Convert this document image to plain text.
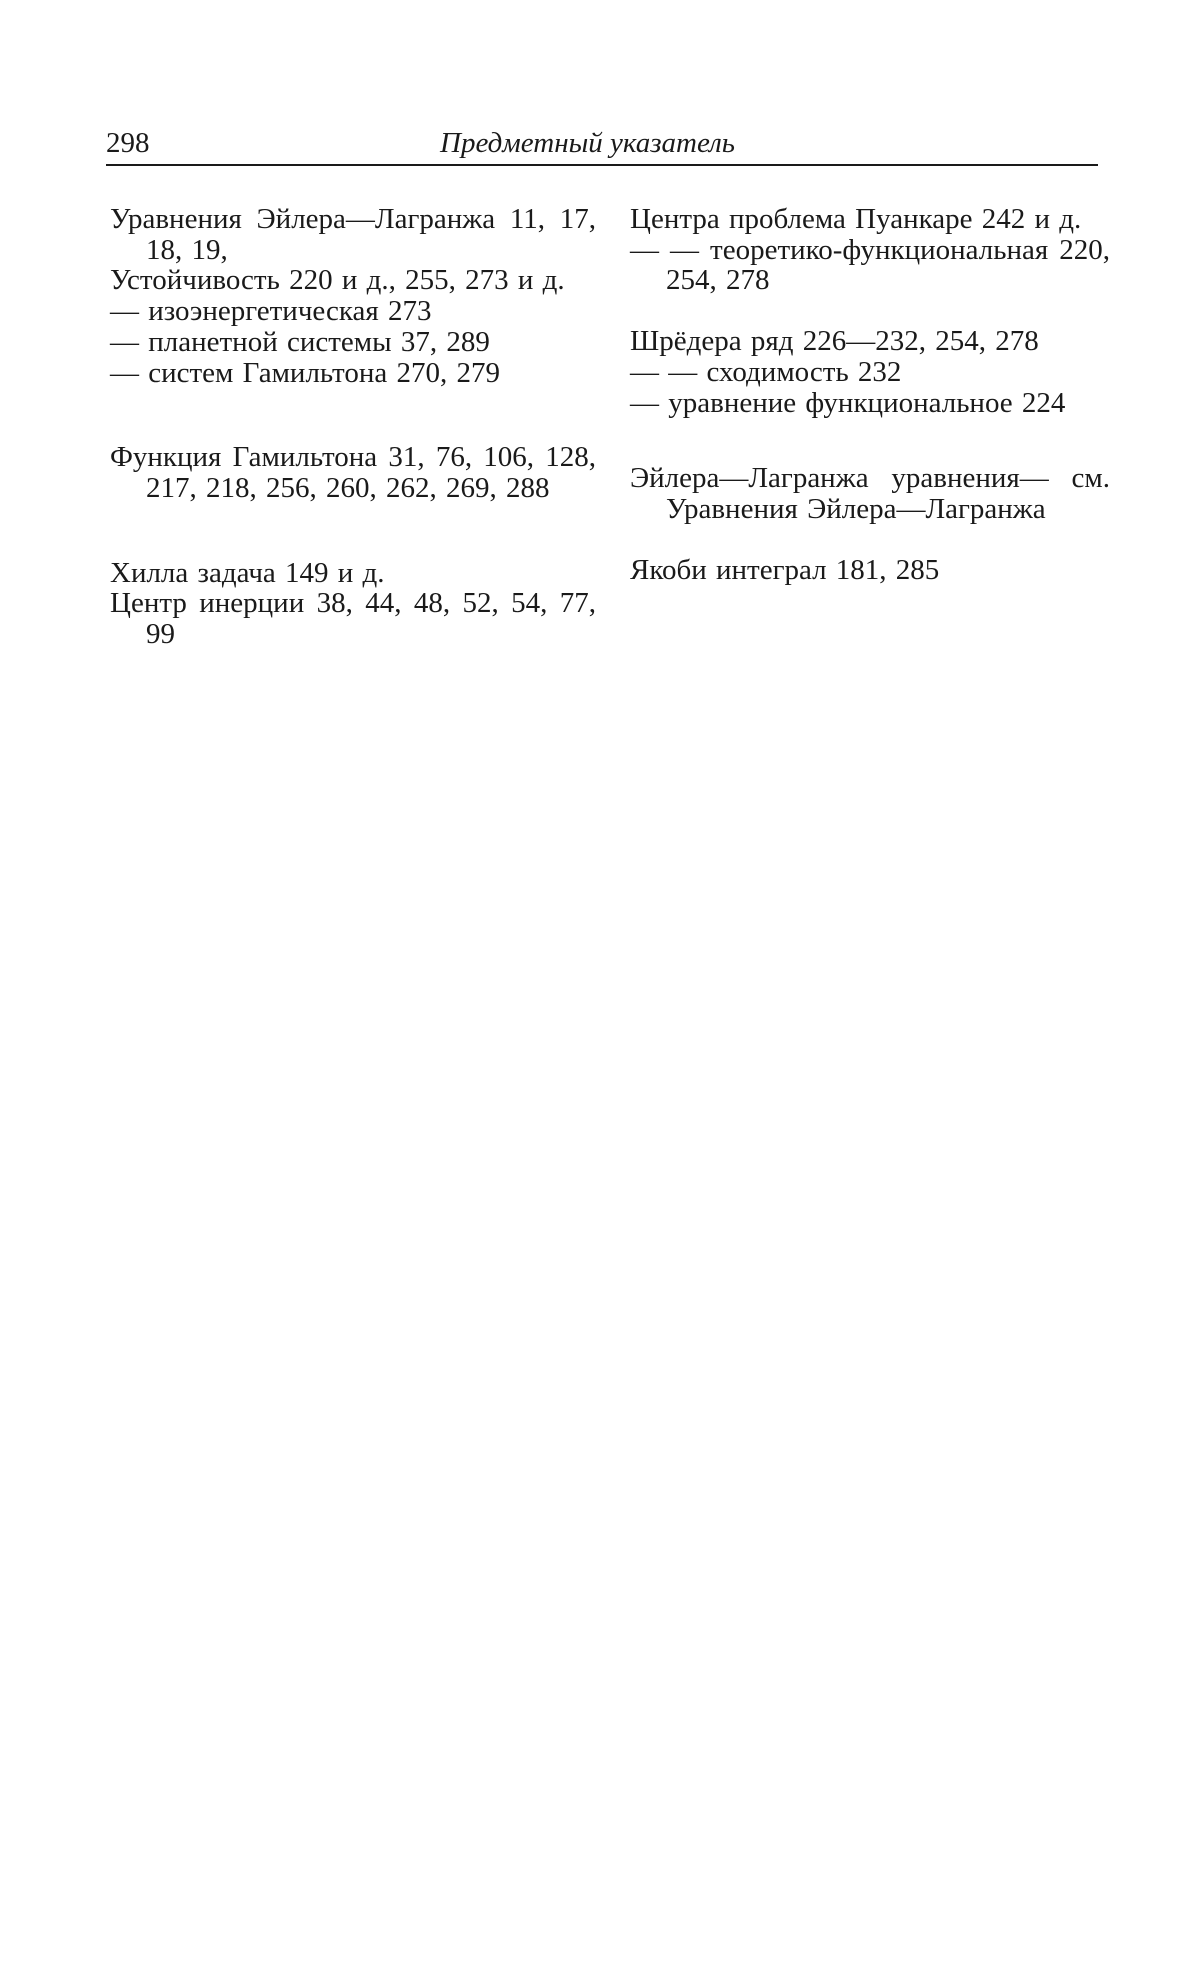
298	Предметный указатель

Уравнения Эйлера—Лагранжа 11, 17, 18, 19,

Устойчивость 220 и д., 255, 273 и д.

— изоэнергетическая 273

— планетной системы 37, 289

— систем Гамильтона 270, 279

Функция Гамильтона 31, 76, 106, 128, 217, 218, 256, 260, 262, 269, 288

Хилла задача 149 и д.

Центр инерции 38, 44, 48, 52, 54, 77, 99

Центра проблема Пуанкаре 242 и д.

— — теоретико-функциональная 220, 254, 278

Шрёдера ряд 226—232, 254, 278

— — сходимость 232

— уравнение функциональное 224

Эйлера—Лагранжа уравнения— см. Уравнения Эйлера—Лагранжа

Якоби интеграл 181, 285
